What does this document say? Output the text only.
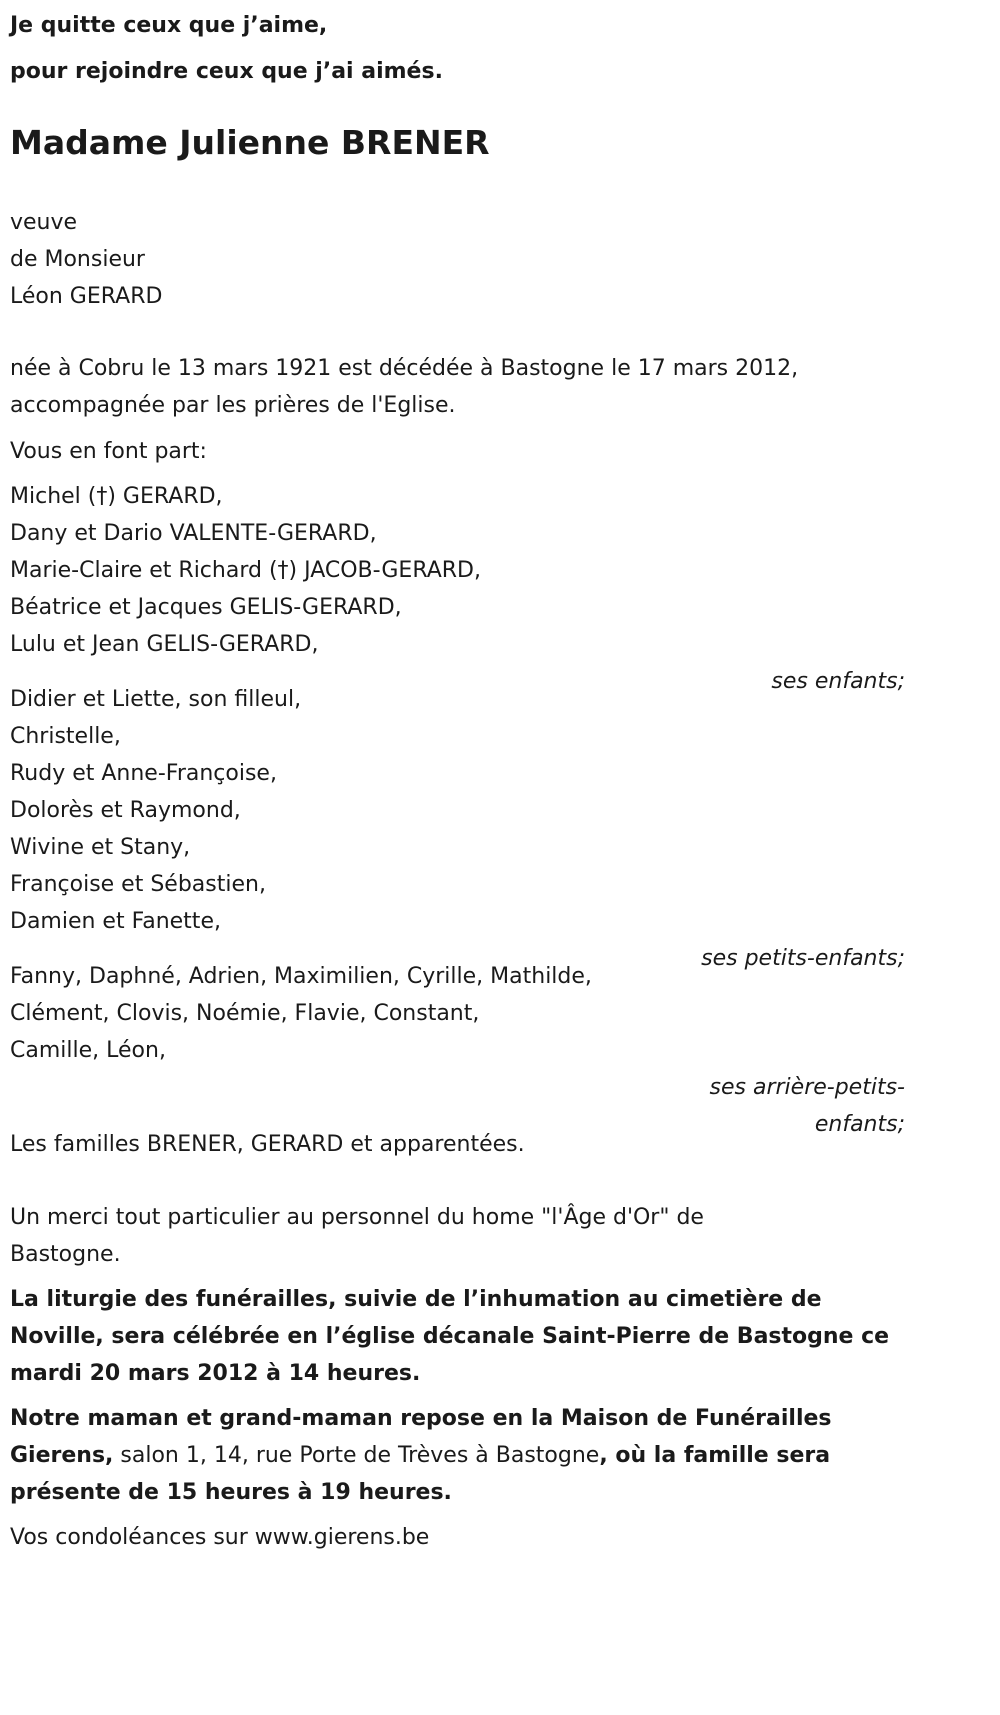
Je quitte ceux que j’aime,
pour rejoindre ceux que j’ai aimés.
Madame Julienne BRENER
veuve
de Monsieur
Léon GERARD
née à Cobru le 13 mars 1921 est décédée à Bastogne le 17 mars 2012,
accompagnée par les prières de l'Eglise.
Vous en font part:
Michel (†) GERARD,
Dany et Dario VALENTE-GERARD,
Marie-Claire et Richard (†) JACOB-GERARD,
Béatrice et Jacques GELIS-GERARD,
Lulu et Jean GELIS-GERARD,
ses enfants;
Didier et Liette, son filleul,
Christelle,
Rudy et Anne-Françoise,
Dolorès et Raymond,
Wivine et Stany,
Françoise et Sébastien,
Damien et Fanette,
ses petits-enfants;
Fanny, Daphné, Adrien, Maximilien, Cyrille, Mathilde,
Clément, Clovis, Noémie, Flavie, Constant,
Camille, Léon,
ses arrière-petits-
enfants;
Les familles BRENER, GERARD et apparentées.
Un merci tout particulier au personnel du home "l'Âge d'Or" de
Bastogne.
La liturgie des funérailles, suivie de l’inhumation au cimetière de
Noville, sera célébrée en l’église décanale Saint-Pierre de Bastogne ce
mardi 20 mars 2012 à 14 heures.
Notre maman et grand-maman repose en la Maison de Funérailles
Gierens, salon 1, 14, rue Porte de Trèves à Bastogne, où la famille sera
présente de 15 heures à 19 heures.
Vos condoléances sur www.gierens.be
